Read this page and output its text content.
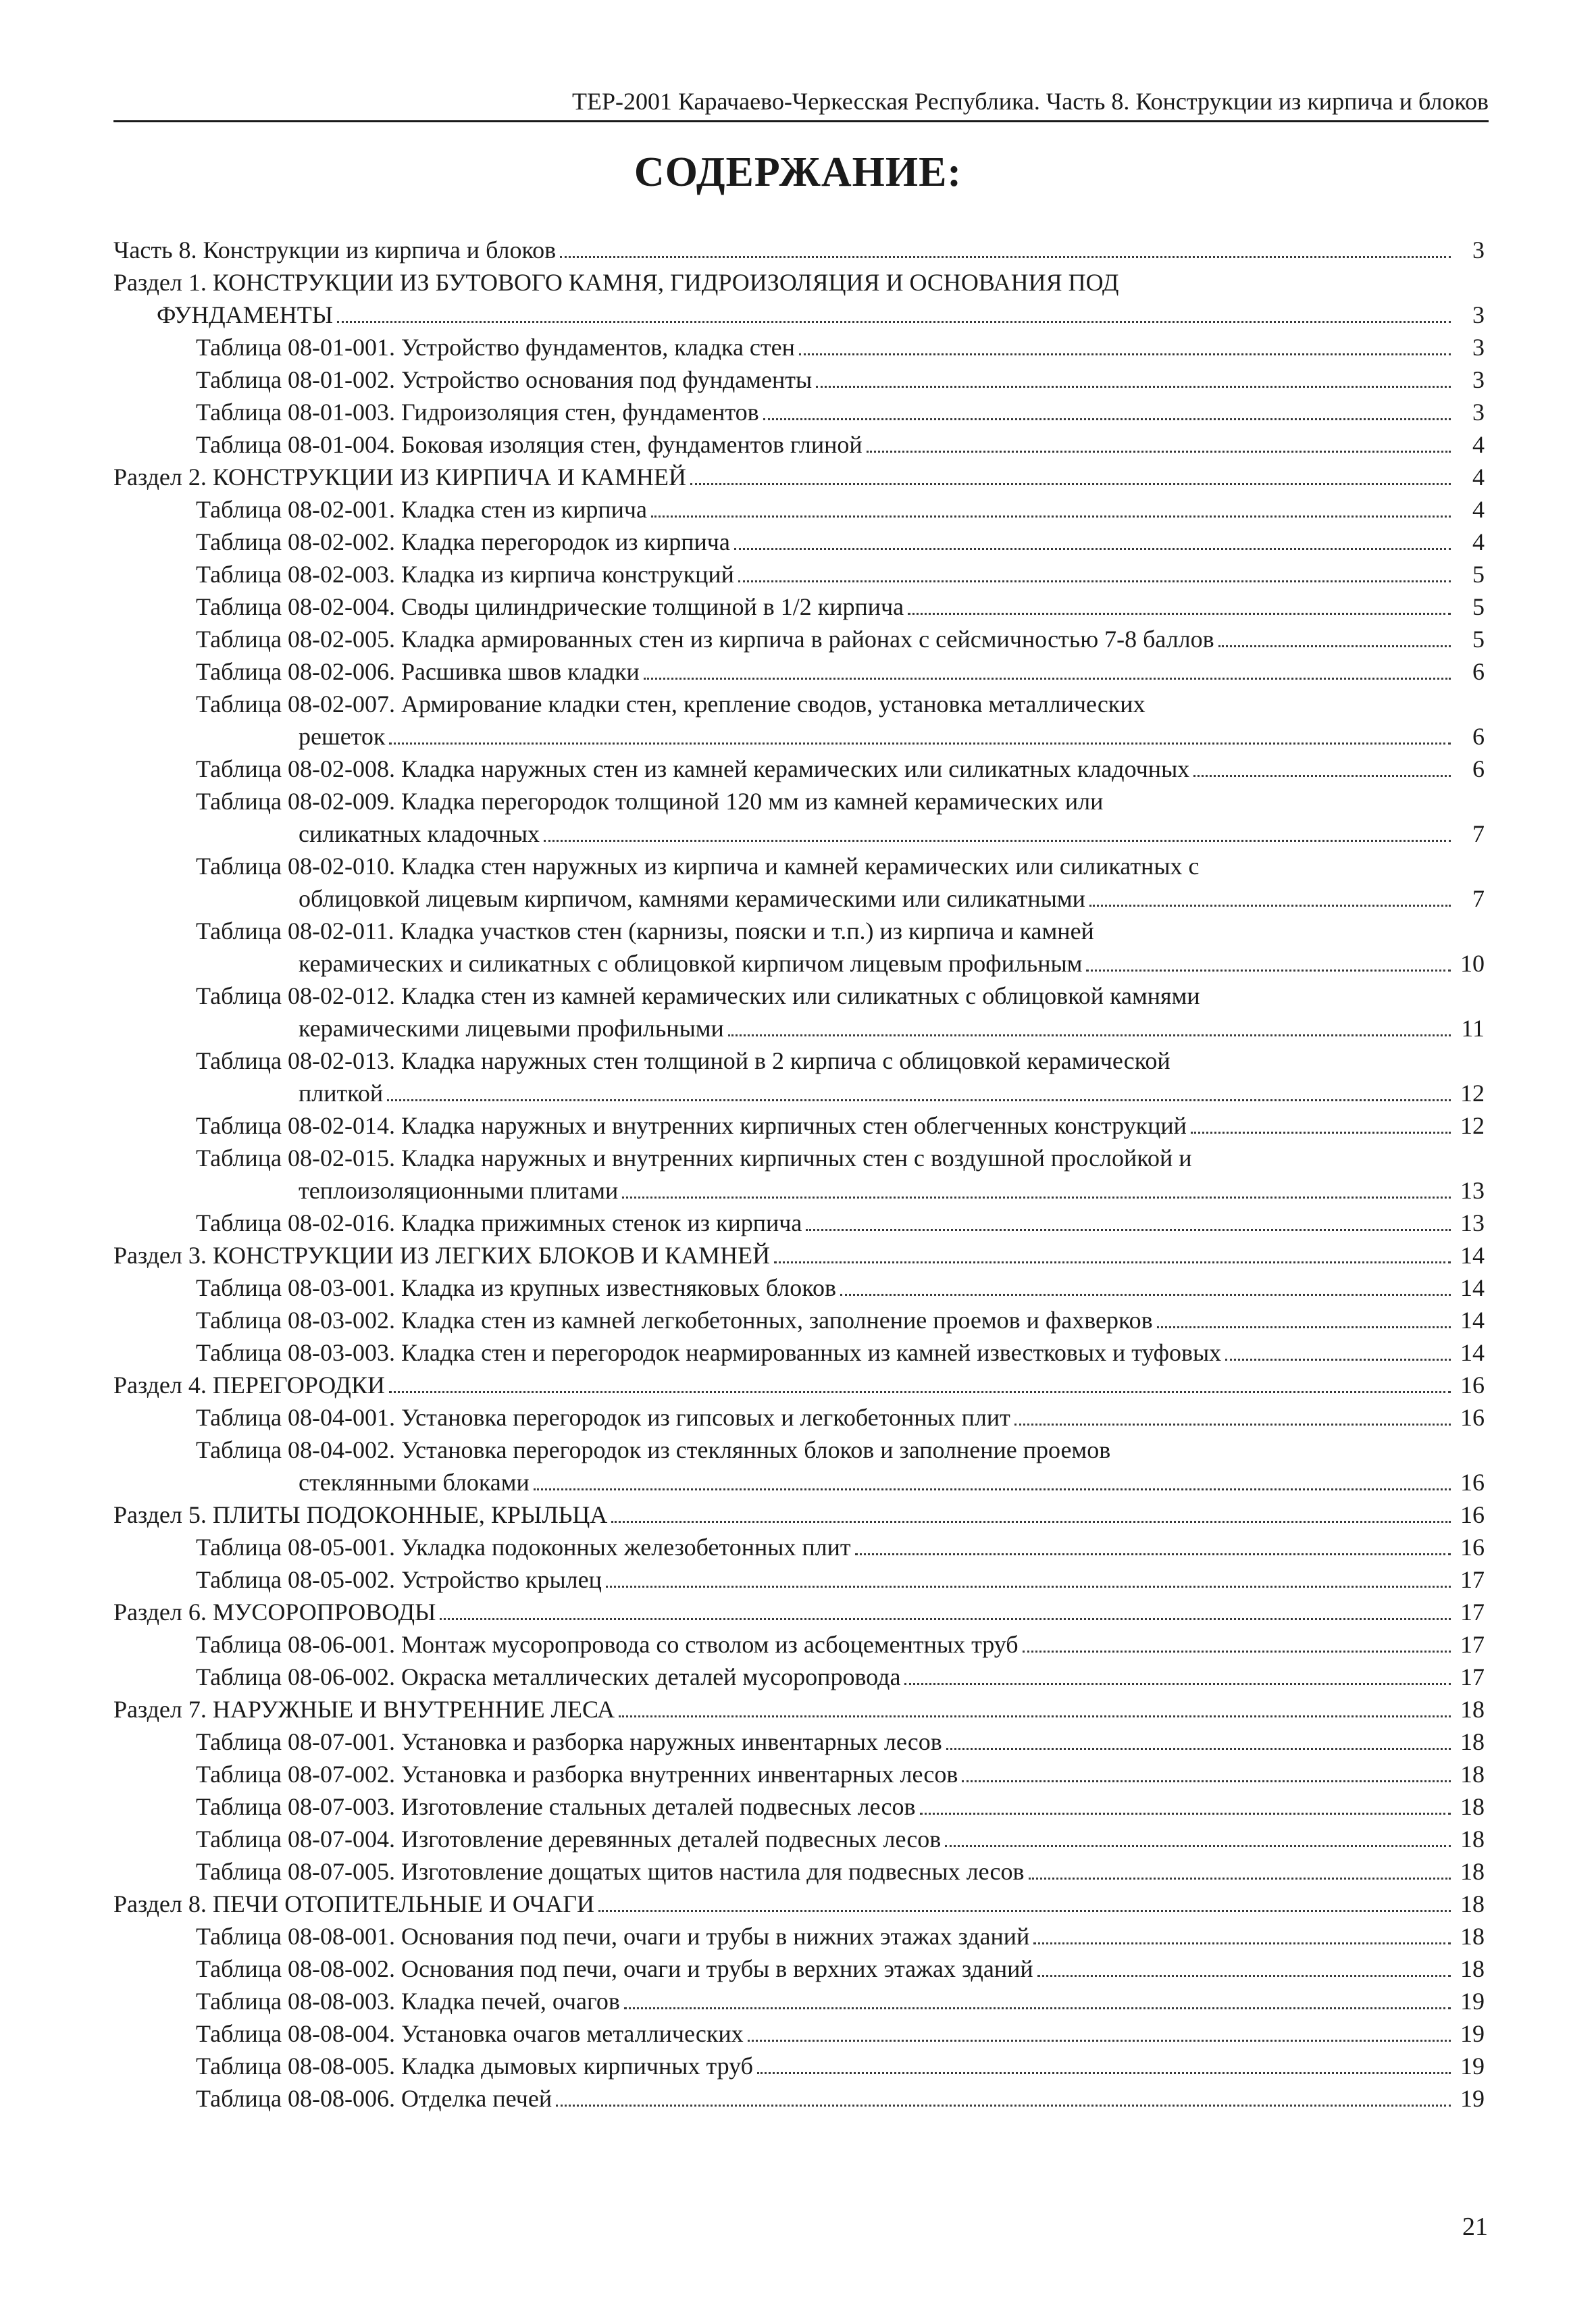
ТЕР-2001 Карачаево-Черкесская Республика. Часть 8. Конструкции из кирпича и блоков
СОДЕРЖАНИЕ:
Часть 8. Конструкции из кирпича и блоков	3
Раздел 1. КОНСТРУКЦИИ ИЗ БУТОВОГО КАМНЯ, ГИДРОИЗОЛЯЦИЯ И ОСНОВАНИЯ ПОД
ФУНДАМЕНТЫ	3
Таблица 08-01-001. Устройство фундаментов, кладка стен	3
Таблица 08-01-002. Устройство основания под фундаменты	3
Таблица 08-01-003. Гидроизоляция стен, фундаментов	3
Таблица 08-01-004. Боковая изоляция стен, фундаментов глиной	4
Раздел 2. КОНСТРУКЦИИ ИЗ КИРПИЧА И КАМНЕЙ	4
Таблица 08-02-001. Кладка стен из кирпича	4
Таблица 08-02-002. Кладка перегородок из кирпича	4
Таблица 08-02-003. Кладка из кирпича конструкций	5
Таблица 08-02-004. Своды цилиндрические толщиной в 1/2 кирпича	5
Таблица 08-02-005. Кладка армированных стен из кирпича в районах с сейсмичностью 7-8 баллов	5
Таблица 08-02-006. Расшивка швов кладки	6
Таблица 08-02-007. Армирование кладки стен, крепление сводов, установка металлических
решеток	6
Таблица 08-02-008. Кладка наружных стен из камней керамических или силикатных кладочных	6
Таблица 08-02-009. Кладка перегородок толщиной 120 мм из камней керамических или
силикатных кладочных	7
Таблица 08-02-010. Кладка стен наружных из кирпича и камней керамических или силикатных с
облицовкой лицевым кирпичом, камнями керамическими или силикатными	7
Таблица 08-02-011. Кладка участков стен (карнизы, пояски и т.п.) из кирпича и камней
керамических и силикатных с облицовкой кирпичом лицевым профильным	10
Таблица 08-02-012. Кладка стен из камней керамических или силикатных с облицовкой камнями
керамическими лицевыми профильными	11
Таблица 08-02-013. Кладка наружных стен толщиной в 2 кирпича с облицовкой керамической
плиткой	12
Таблица 08-02-014. Кладка наружных и внутренних кирпичных стен облегченных конструкций	12
Таблица 08-02-015. Кладка наружных и внутренних кирпичных стен с воздушной прослойкой и
теплоизоляционными плитами	13
Таблица 08-02-016. Кладка прижимных стенок из кирпича	13
Раздел 3. КОНСТРУКЦИИ ИЗ ЛЕГКИХ БЛОКОВ И КАМНЕЙ	14
Таблица 08-03-001. Кладка из крупных известняковых блоков	14
Таблица 08-03-002. Кладка стен из камней легкобетонных, заполнение проемов и фахверков	14
Таблица 08-03-003. Кладка стен и перегородок неармированных из камней известковых и туфовых	14
Раздел 4. ПЕРЕГОРОДКИ	16
Таблица 08-04-001. Установка перегородок из гипсовых и легкобетонных плит	16
Таблица 08-04-002. Установка перегородок из стеклянных блоков и заполнение проемов
стеклянными блоками	16
Раздел 5. ПЛИТЫ ПОДОКОННЫЕ, КРЫЛЬЦА	16
Таблица 08-05-001. Укладка подоконных железобетонных плит	16
Таблица 08-05-002. Устройство крылец	17
Раздел 6. МУСОРОПРОВОДЫ	17
Таблица 08-06-001. Монтаж мусоропровода со стволом из асбоцементных труб	17
Таблица 08-06-002. Окраска металлических деталей мусоропровода	17
Раздел 7. НАРУЖНЫЕ И ВНУТРЕННИЕ ЛЕСА	18
Таблица 08-07-001. Установка и разборка наружных инвентарных лесов	18
Таблица 08-07-002. Установка и разборка внутренних инвентарных лесов	18
Таблица 08-07-003. Изготовление стальных деталей подвесных лесов	18
Таблица 08-07-004. Изготовление деревянных деталей подвесных лесов	18
Таблица 08-07-005. Изготовление дощатых щитов настила для подвесных лесов	18
Раздел 8. ПЕЧИ ОТОПИТЕЛЬНЫЕ И ОЧАГИ	18
Таблица 08-08-001. Основания под печи, очаги и трубы в нижних этажах зданий	18
Таблица 08-08-002. Основания под печи, очаги и трубы в верхних этажах зданий	18
Таблица 08-08-003. Кладка печей, очагов	19
Таблица 08-08-004. Установка очагов металлических	19
Таблица 08-08-005. Кладка дымовых кирпичных труб	19
Таблица 08-08-006. Отделка печей	19
21
